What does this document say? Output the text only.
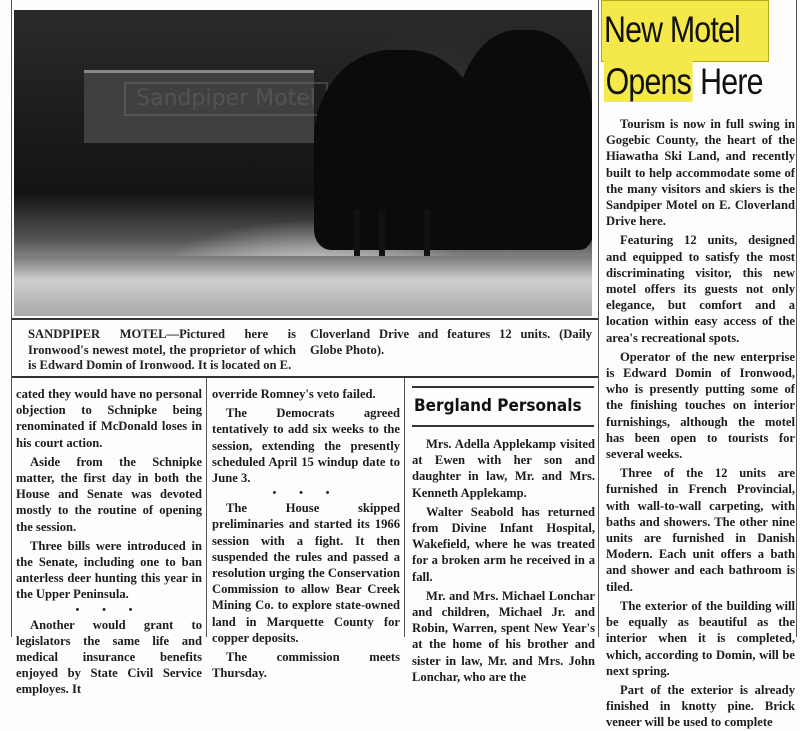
Sandpiper Motel
SANDPIPER MOTEL—Pictured here is Ironwood's newest motel, the proprietor of which is Edward Domin of Ironwood. It is located on E.
Cloverland Drive and features 12 units. (Daily Globe Photo).
New Motel
Opens Here

Tourism is now in full swing in Gogebic County, the heart of the Hiawatha Ski Land, and recently built to help accommodate some of the many visitors and skiers is the Sandpiper Motel on E. Cloverland Drive here.

Featuring 12 units, designed and equipped to satisfy the most discriminating visitor, this new motel offers its guests not only elegance, but comfort and a location within easy access of the area's recreational spots.

Operator of the new enterprise is Edward Domin of Ironwood, who is presently putting some of the finishing touches on interior furnishings, although the motel has been open to tourists for several weeks.

Three of the 12 units are furnished in French Provincial, with wall-to-wall carpeting, with baths and showers. The other nine units are furnished in Danish Modern. Each unit offers a bath and shower and each bathroom is tiled.

The exterior of the building will be equally as beautiful as the interior when it is completed, which, according to Domin, will be next spring.

Part of the exterior is already finished in knotty pine. Brick veneer will be used to complete

cated they would have no personal objection to Schnipke being renominated if McDonald loses in his court action.

Aside from the Schnipke matter, the first day in both the House and Senate was devoted mostly to the routine of opening the session.

Three bills were introduced in the Senate, including one to ban anterless deer hunting this year in the Upper Peninsula.

• • •

Another would grant to legislators the same life and medical insurance benefits enjoyed by State Civil Service employes. It

override Romney's veto failed.

The Democrats agreed tentatively to add six weeks to the session, extending the presently scheduled April 15 windup date to June 3.

• • •

The House skipped preliminaries and started its 1966 session with a fight. It then suspended the rules and passed a resolution urging the Conservation Commission to allow Bear Creek Mining Co. to explore state-owned land in Marquette County for copper deposits.

The commission meets Thursday.

Bergland Personals

Mrs. Adella Applekamp visited at Ewen with her son and daughter in law, Mr. and Mrs. Kenneth Applekamp.

Walter Seabold has returned from Divine Infant Hospital, Wakefield, where he was treated for a broken arm he received in a fall.

Mr. and Mrs. Michael Lonchar and children, Michael Jr. and Robin, Warren, spent New Year's at the home of his brother and sister in law, Mr. and Mrs. John Lonchar, who are the
